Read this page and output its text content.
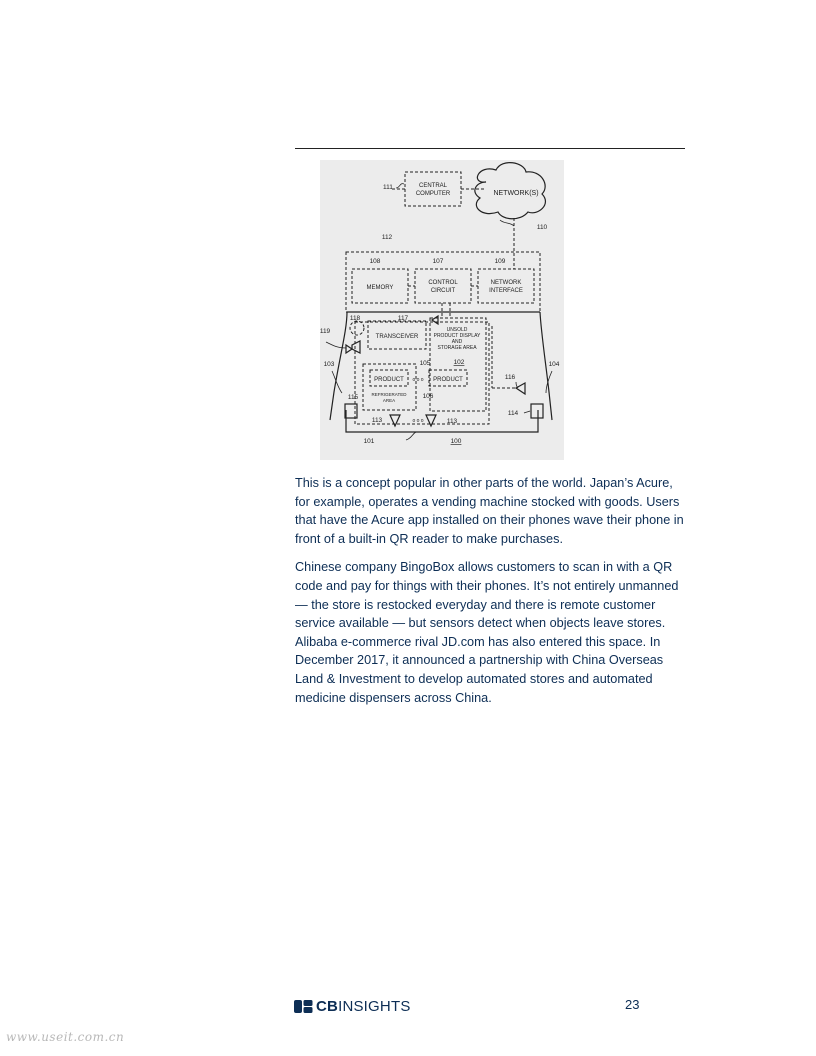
CENTRAL
COMPUTER	NETWORK(S)
MEMORY
CONTROL
CIRCUIT
NETWORK
INTERFACE
TRANSCEIVER
UNSOLD
PRODUCT DISPLAY
AND
STORAGE AREA
PRODUCT	PRODUCT
o o o
REFRIGERATED
AREA
o o o
111
110
112
108	107	109
118	117
119
103	104
105	102
116
115	106
114
113	113
101	100

This is a concept popular in other parts of the world. Japan’s Acure, for example, operates a vending machine stocked with goods. Users that have the Acure app installed on their phones wave their phone in front of a built-in QR reader to make purchases.

Chinese company BingoBox allows customers to scan in with a QR code and pay for things with their phones. It’s not entirely unmanned — the store is restocked everyday and there is remote customer service available — but sensors detect when objects leave stores. Alibaba e-commerce rival JD.com has also entered this space. In December 2017, it announced a partnership with China Overseas Land & Investment to develop automated stores and automated medicine dispensers across China.

CBINSIGHTS	23
www.useit.com.cn
